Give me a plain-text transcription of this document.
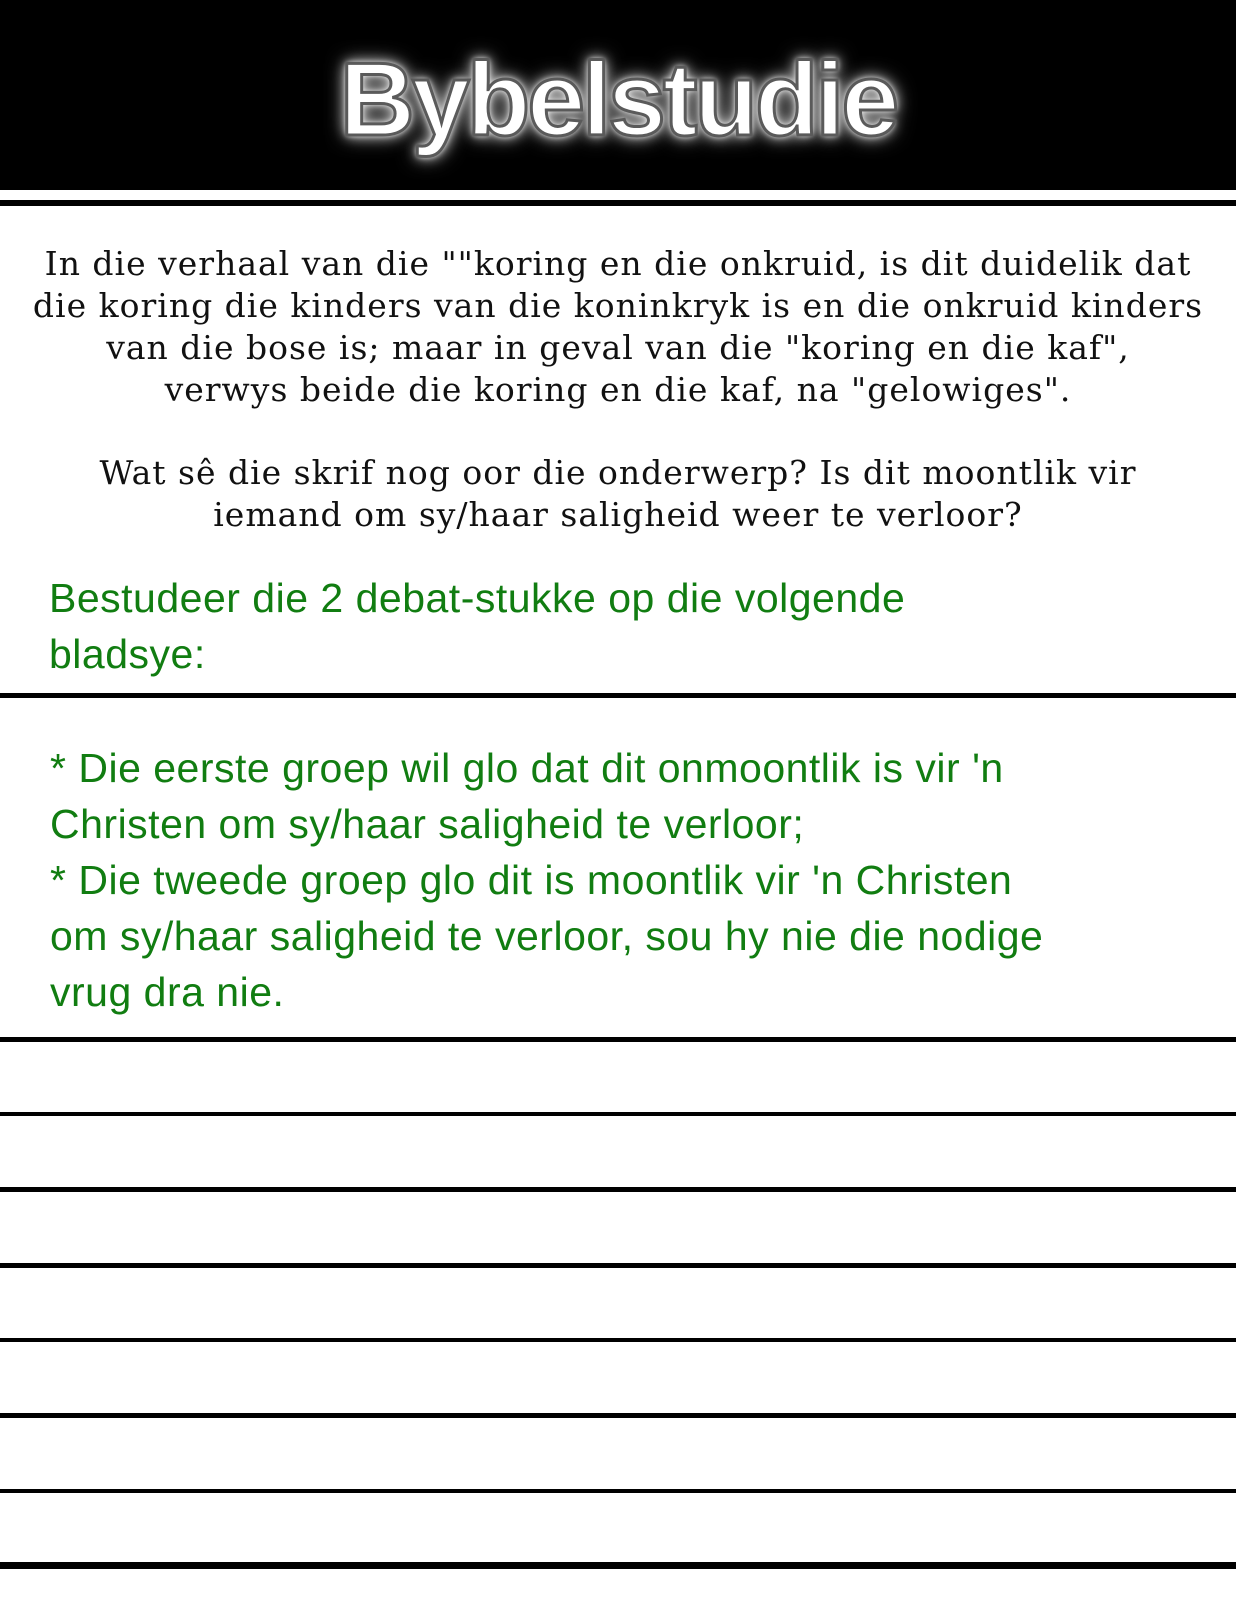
Bybelstudie
In die verhaal van die ""koring en die onkruid, is dit duidelik dat
die koring die kinders van die koninkryk is en die onkruid kinders
van die bose is; maar in geval van die "koring en die kaf",
verwys beide die koring en die kaf, na "gelowiges".
Wat sê die skrif nog oor die onderwerp? Is dit moontlik vir
iemand om sy/haar saligheid weer te verloor?
Bestudeer die 2 debat-stukke op die volgende
bladsye:
* Die eerste groep wil glo dat dit onmoontlik is vir 'n
Christen om sy/haar saligheid te verloor;
* Die tweede groep glo dit is moontlik vir 'n Christen
om sy/haar saligheid te verloor, sou hy nie die nodige
vrug dra nie.
